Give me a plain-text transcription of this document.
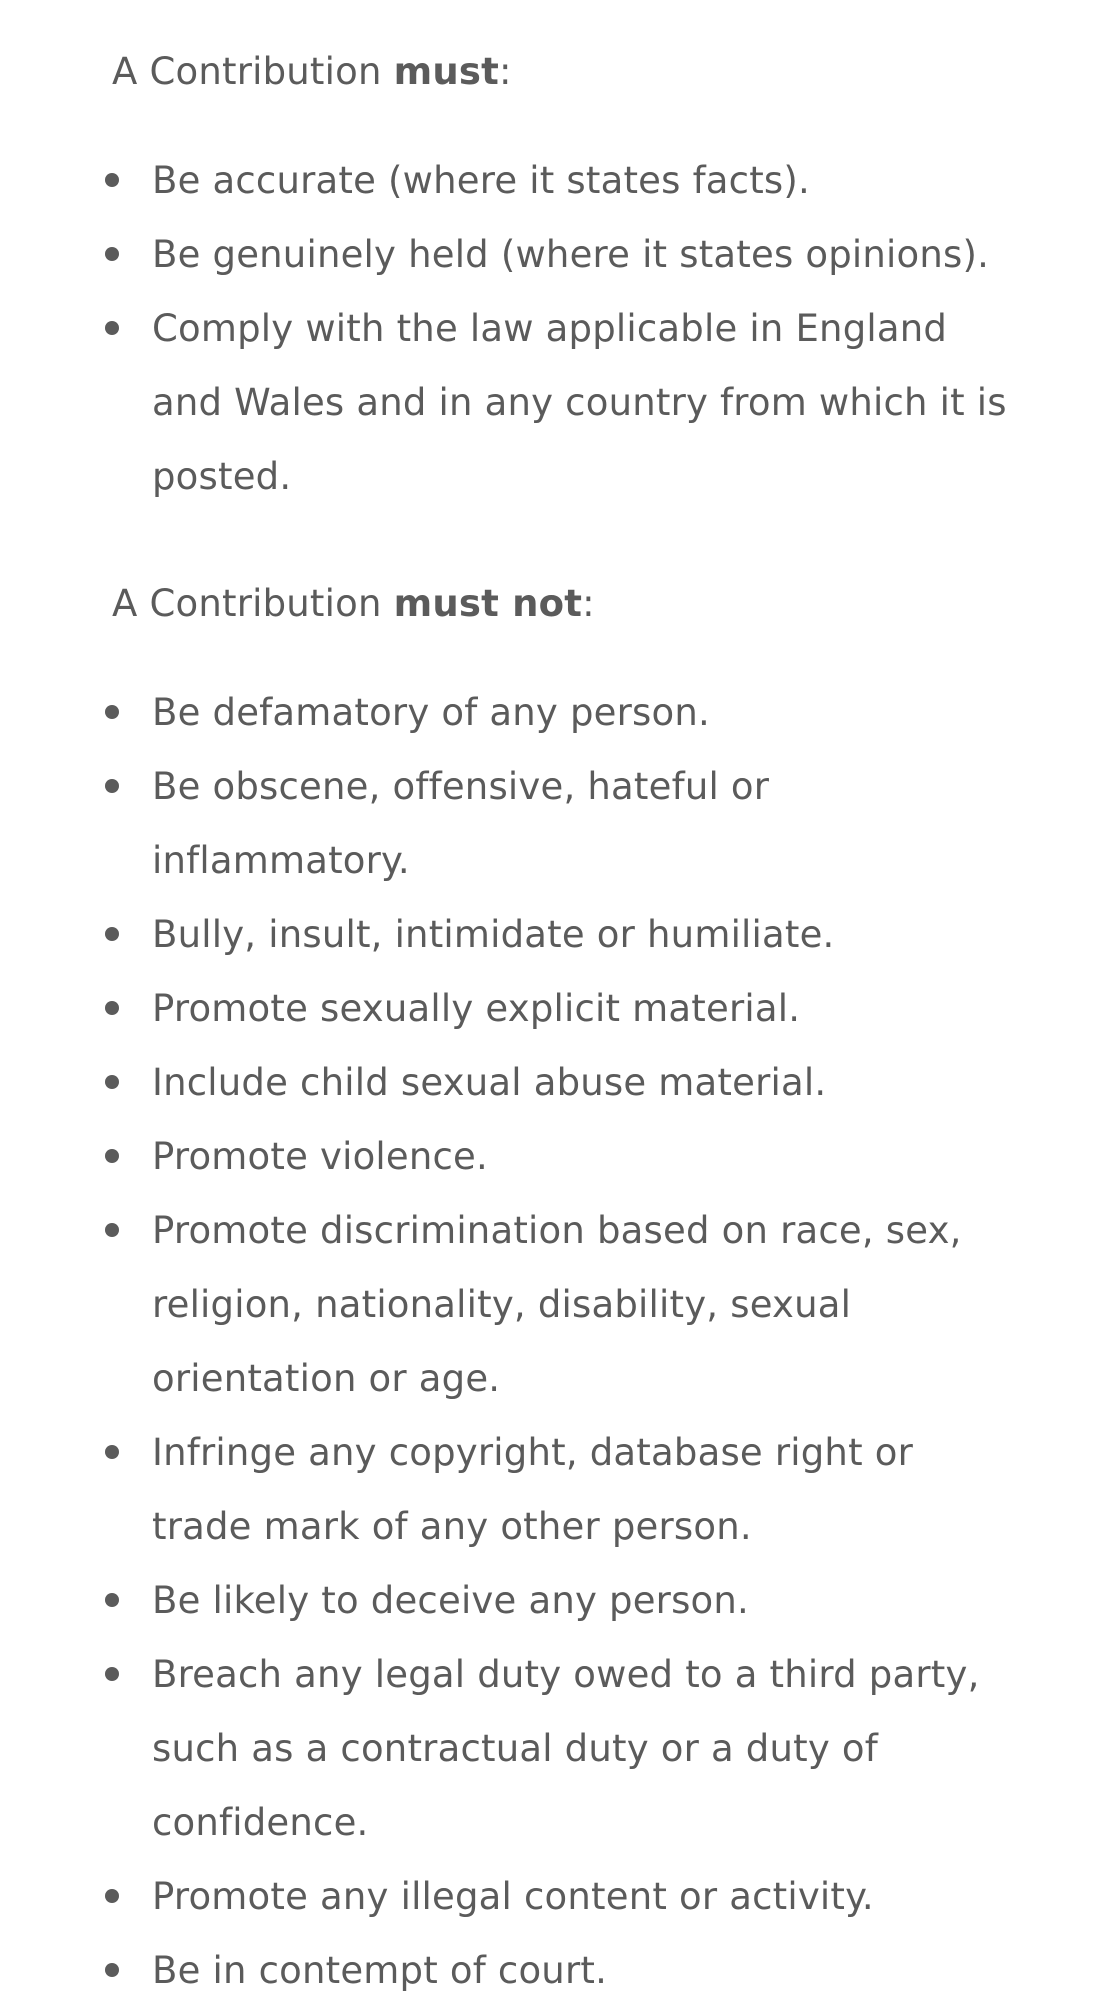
A Contribution must:

Be accurate (where it states facts).
Be genuinely held (where it states opinions).
Comply with the law applicable in England and Wales and in any country from which it is posted.

A Contribution must not:

Be defamatory of any person.
Be obscene, offensive, hateful or inflammatory.
Bully, insult, intimidate or humiliate.
Promote sexually explicit material.
Include child sexual abuse material.
Promote violence.
Promote discrimination based on race, sex, religion, nationality, disability, sexual orientation or age.
Infringe any copyright, database right or trade mark of any other person.
Be likely to deceive any person.
Breach any legal duty owed to a third party, such as a contractual duty or a duty of confidence.
Promote any illegal content or activity.
Be in contempt of court.
